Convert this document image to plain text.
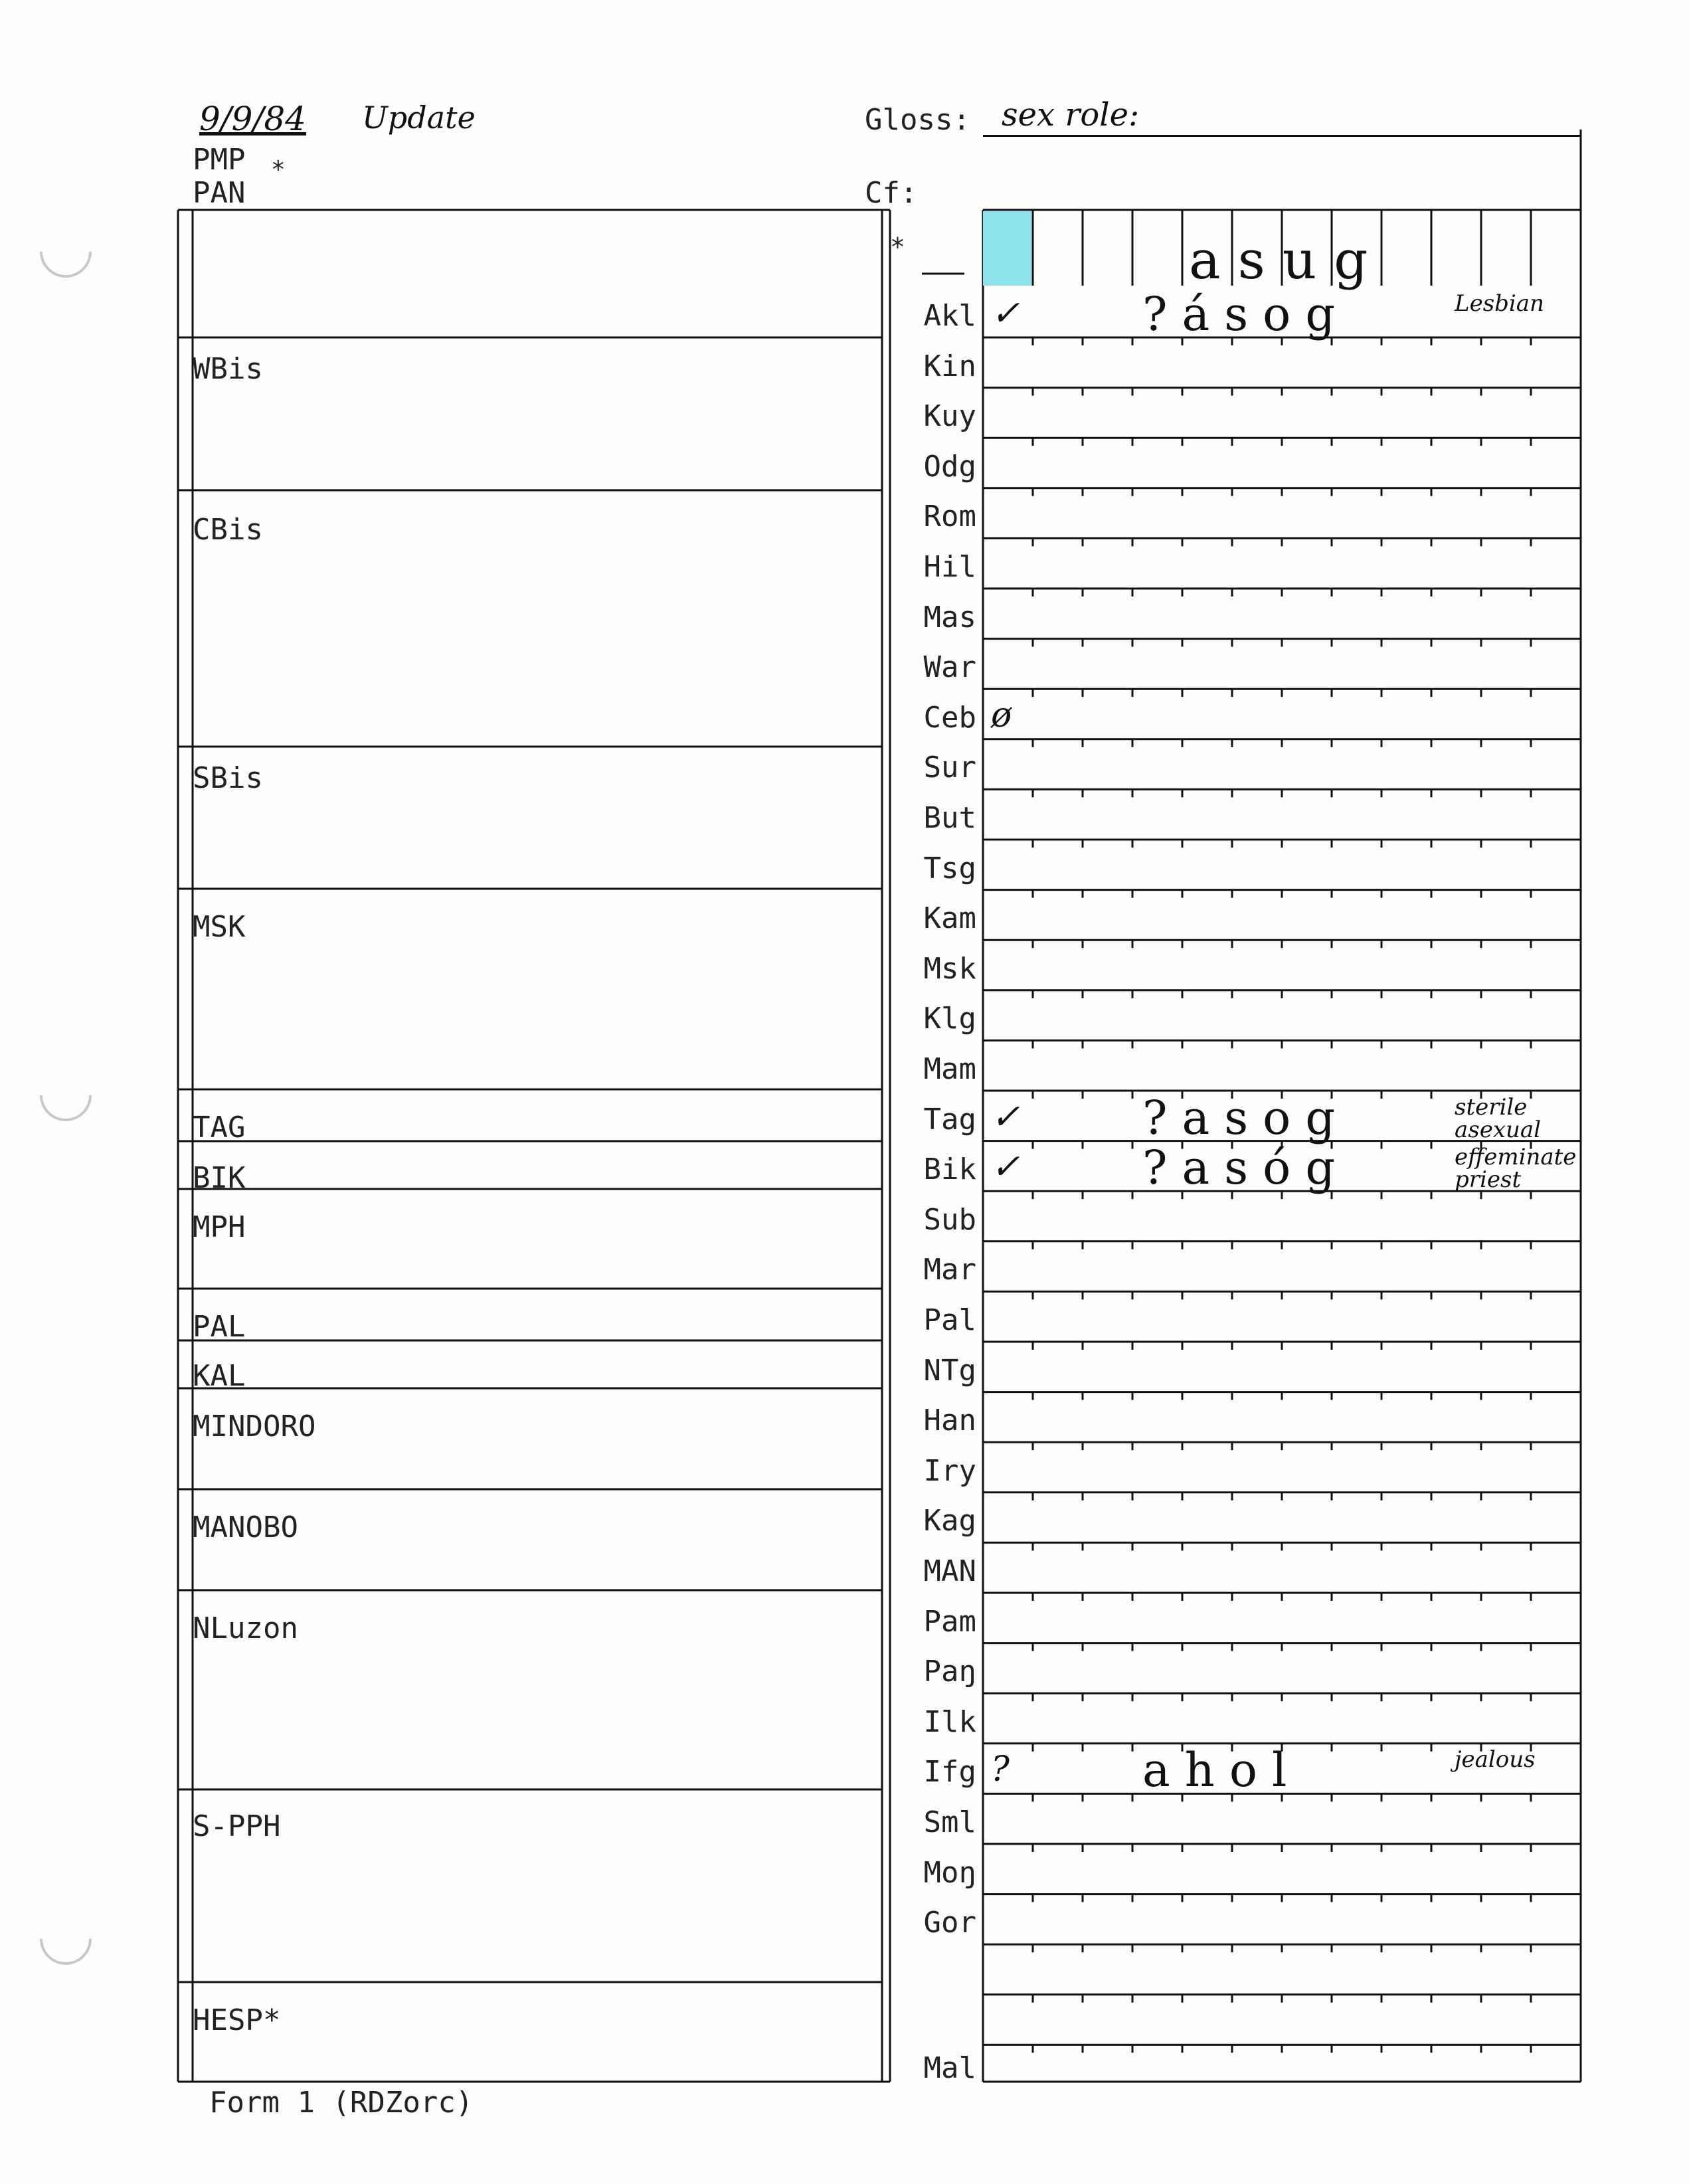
9/9/84 Update
PMP
PAN
*
Gloss: sex role:
Cf:
WBis
CBis
SBis
MSK
TAG
BIK
MPH
PAL
KAL
MINDORO
MANOBO
NLuzon
S-PPH
HESP*
*	asug
Akl ✓	?ásog	Lesbian
Kin
Kuy
Odg
Rom
Hil
Mas
War
Ceb ø
Sur
But
Tsg
Kam
Msk
Klg
Mam
Tag ✓	?asog	sterile asexual
Bik ✓	?asóg	effeminate priest
Sub
Mar
Pal
NTg
Han
Iry
Kag
MAN
Pam
Paŋ
Ilk
Ifg ?	ahol	jealous
Sml
Moŋ
Gor
Mal
Form 1 (RDZorc)
